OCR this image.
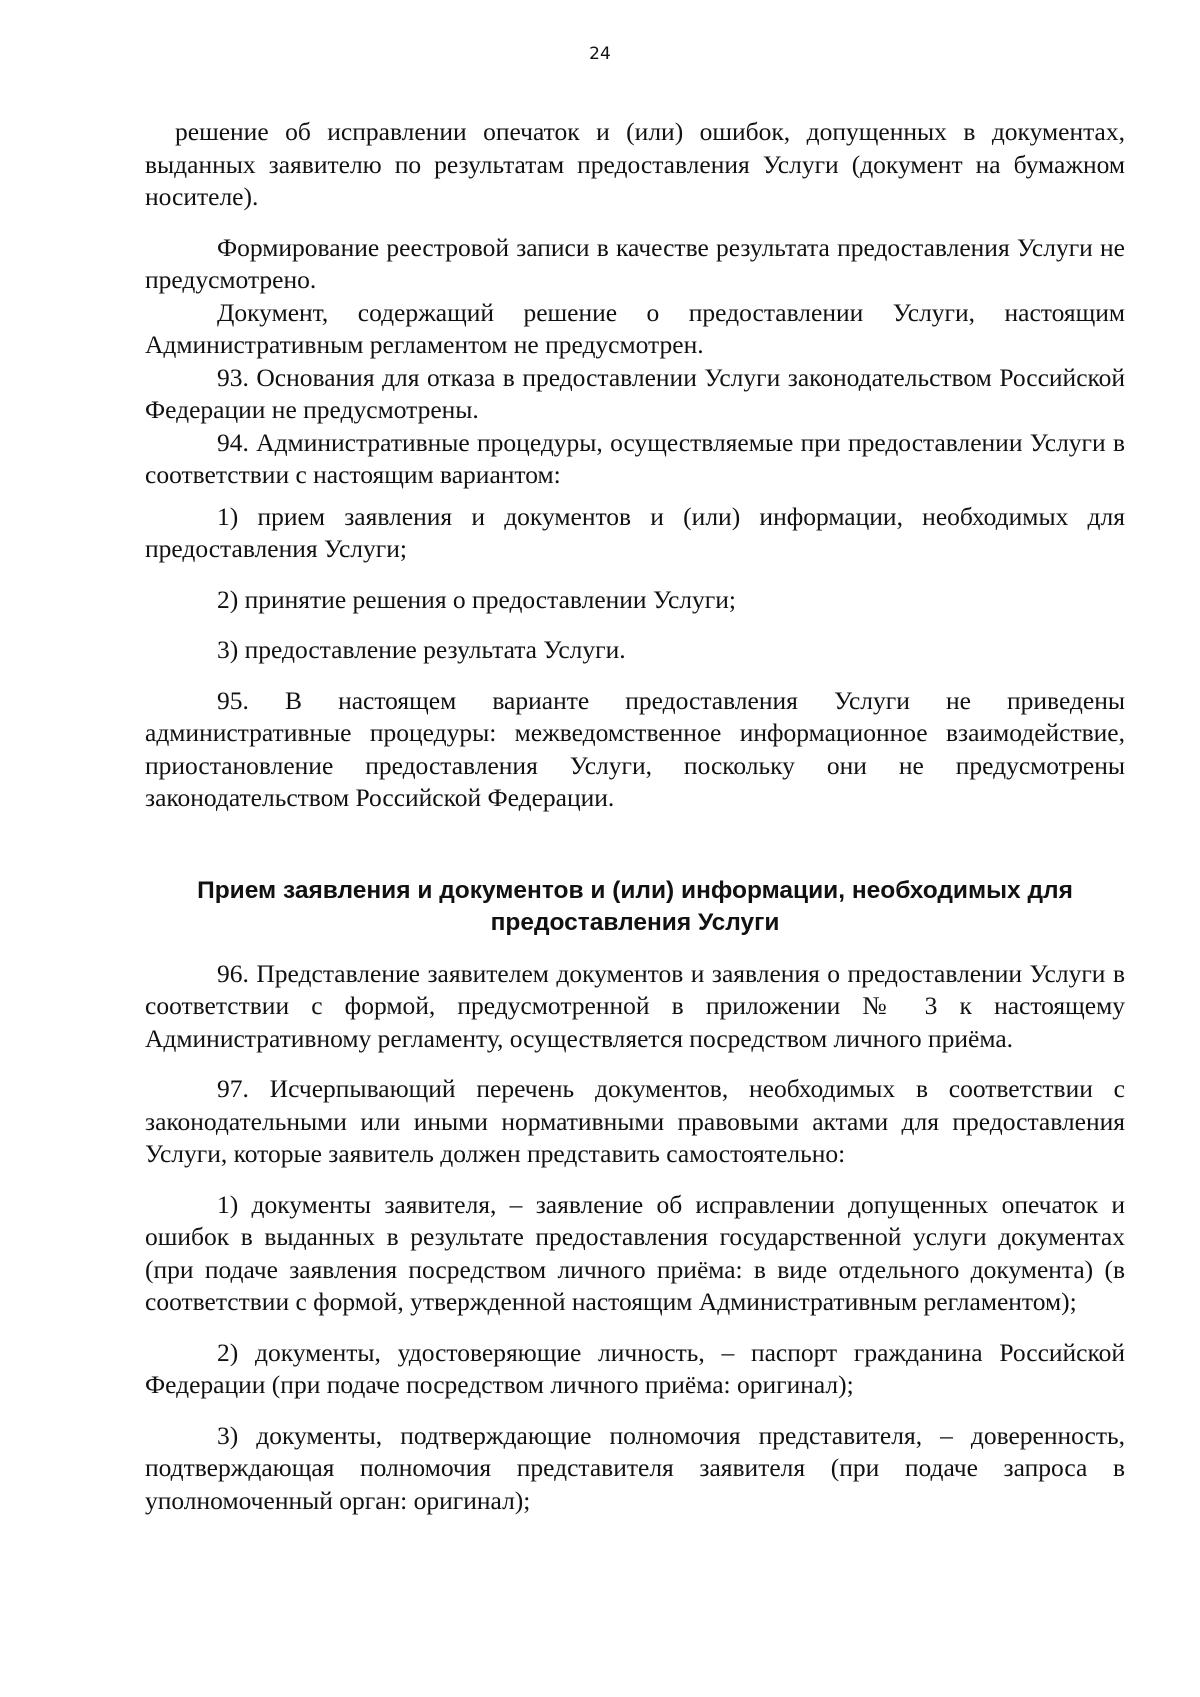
24

решение об исправлении опечаток и (или) ошибок, допущенных в документах, выданных заявителю по результатам предоставления Услуги (документ на бумажном носителе).

Формирование реестровой записи в качестве результата предоставления Услуги не предусмотрено.

Документ, содержащий решение о предоставлении Услуги, настоящим Административным регламентом не предусмотрен.

93. Основания для отказа в предоставлении Услуги законодательством Российской Федерации не предусмотрены.

94. Административные процедуры, осуществляемые при предоставлении Услуги в соответствии с настоящим вариантом:

1) прием заявления и документов и (или) информации, необходимых для предоставления Услуги;

2) принятие решения о предоставлении Услуги;

3) предоставление результата Услуги.

95. В настоящем варианте предоставления Услуги не приведены административные процедуры: межведомственное информационное взаимодействие, приостановление предоставления Услуги, поскольку они не предусмотрены законодательством Российской Федерации.

Прием заявления и документов и (или) информации, необходимых для предоставления Услуги

96. Представление заявителем документов и заявления о предоставлении Услуги в соответствии с формой, предусмотренной в приложении № 3 к настоящему Административному регламенту, осуществляется посредством личного приёма.

97. Исчерпывающий перечень документов, необходимых в соответствии с законодательными или иными нормативными правовыми актами для предоставления Услуги, которые заявитель должен представить самостоятельно:

1) документы заявителя, – заявление об исправлении допущенных опечаток и ошибок в выданных в результате предоставления государственной услуги документах (при подаче заявления посредством личного приёма: в виде отдельного документа) (в соответствии с формой, утвержденной настоящим Административным регламентом);

2) документы, удостоверяющие личность, – паспорт гражданина Российской Федерации (при подаче посредством личного приёма: оригинал);

3) документы, подтверждающие полномочия представителя, – доверенность, подтверждающая полномочия представителя заявителя (при подаче запроса в уполномоченный орган: оригинал);
